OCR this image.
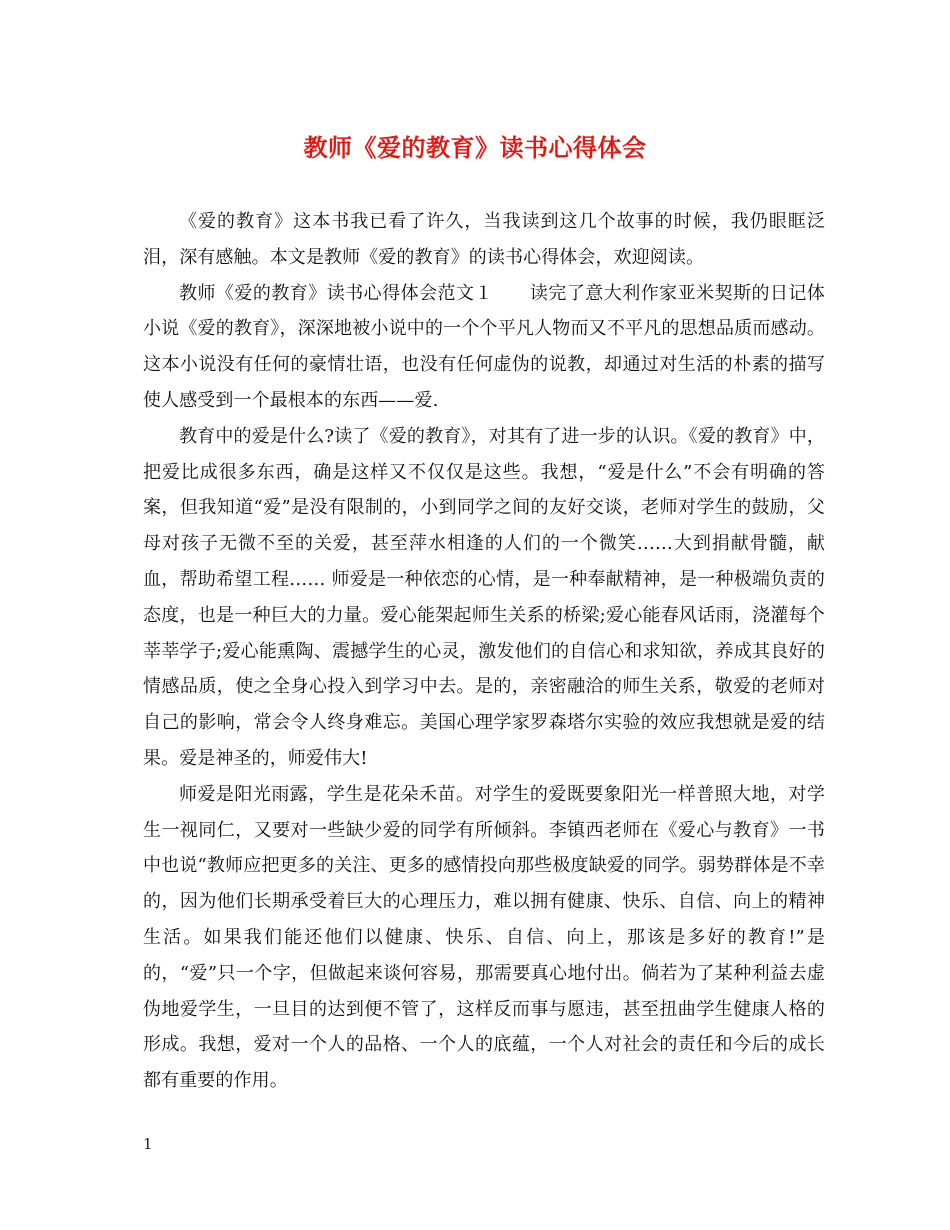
教师《爱的教育》读书心得体会

《爱的教育》这本书我已看了许久，当我读到这几个故事的时候，我仍眼眶泛泪，深有感触。本文是教师《爱的教育》的读书心得体会，欢迎阅读。

教师《爱的教育》读书心得体会范文１　　读完了意大利作家亚米契斯的日记体小说《爱的教育》，深深地被小说中的一个个平凡人物而又不平凡的思想品质而感动。这本小说没有任何的豪情壮语，也没有任何虚伪的说教，却通过对生活的朴素的描写使人感受到一个最根本的东西——爱.

教育中的爱是什么?读了《爱的教育》，对其有了进一步的认识。《爱的教育》中，把爱比成很多东西，确是这样又不仅仅是这些。我想，“爱是什么”不会有明确的答案，但我知道“爱”是没有限制的，小到同学之间的友好交谈，老师对学生的鼓励，父母对孩子无微不至的关爱，甚至萍水相逢的人们的一个微笑……大到捐献骨髓，献血，帮助希望工程…… 师爱是一种依恋的心情，是一种奉献精神，是一种极端负责的态度，也是一种巨大的力量。爱心能架起师生关系的桥梁;爱心能春风话雨，浇灌每个莘莘学子;爱心能熏陶、震撼学生的心灵，激发他们的自信心和求知欲，养成其良好的情感品质，使之全身心投入到学习中去。是的，亲密融洽的师生关系，敬爱的老师对自己的影响，常会令人终身难忘。美国心理学家罗森塔尔实验的效应我想就是爱的结果。爱是神圣的，师爱伟大!

师爱是阳光雨露，学生是花朵禾苗。对学生的爱既要象阳光一样普照大地，对学生一视同仁，又要对一些缺少爱的同学有所倾斜。李镇西老师在《爱心与教育》一书中也说“教师应把更多的关注、更多的感情投向那些极度缺爱的同学。弱势群体是不幸的，因为他们长期承受着巨大的心理压力，难以拥有健康、快乐、自信、向上的精神生活。如果我们能还他们以健康、快乐、自信、向上，那该是多好的教育!”是的，“爱”只一个字，但做起来谈何容易，那需要真心地付出。倘若为了某种利益去虚伪地爱学生，一旦目的达到便不管了，这样反而事与愿违，甚至扭曲学生健康人格的形成。我想，爱对一个人的品格、一个人的底蕴，一个人对社会的责任和今后的成长都有重要的作用。

1
